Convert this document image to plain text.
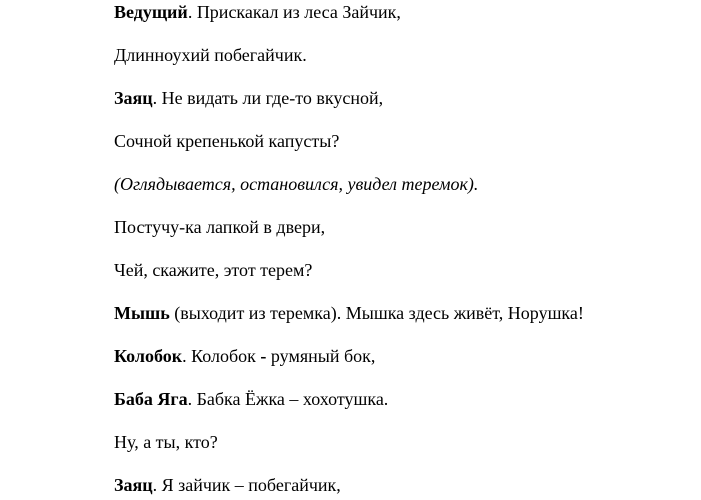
Ведущий. Прискакал из леса Зайчик,
Длинноухий побегайчик.
Заяц. Не видать ли где-то вкусной,
Сочной крепенькой капусты?
(Оглядывается, остановился, увидел теремок).
Постучу-ка лапкой в двери,
Чей, скажите, этот терем?
Мышь (выходит из теремка). Мышка здесь живёт, Норушка!
Колобок. Колобок - румяный бок,
Баба Яга. Бабка Ёжка – хохотушка.
Ну, а ты, кто?
Заяц. Я зайчик – побегайчик,
